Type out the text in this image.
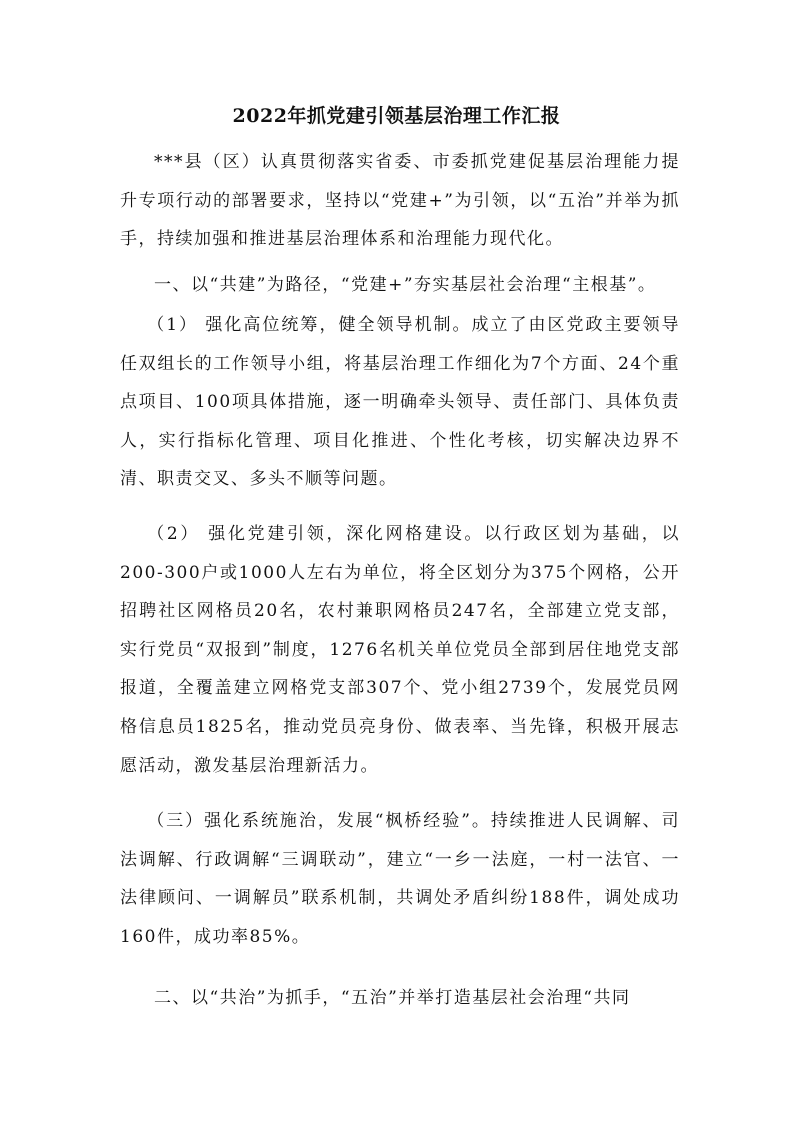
2022年抓党建引领基层治理工作汇报

***县（区）认真贯彻落实省委、市委抓党建促基层治理能力提升专项行动的部署要求，坚持以“党建+”为引领，以“五治”并举为抓手，持续加强和推进基层治理体系和治理能力现代化。

一、以“共建”为路径，“党建+”夯实基层社会治理“主根基”。

（1） 强化高位统筹，健全领导机制。成立了由区党政主要领导任双组长的工作领导小组，将基层治理工作细化为7个方面、24个重点项目、100项具体措施，逐一明确牵头领导、责任部门、具体负责人，实行指标化管理、项目化推进、个性化考核，切实解决边界不清、职责交叉、多头不顺等问题。

（2） 强化党建引领，深化网格建设。以行政区划为基础，以200-300户或1000人左右为单位，将全区划分为375个网格，公开招聘社区网格员20名，农村兼职网格员247名，全部建立党支部，实行党员“双报到”制度，1276名机关单位党员全部到居住地党支部报道，全覆盖建立网格党支部307个、党小组2739个，发展党员网格信息员1825名，推动党员亮身份、做表率、当先锋，积极开展志愿活动，激发基层治理新活力。

（三）强化系统施治，发展“枫桥经验”。持续推进人民调解、司法调解、行政调解“三调联动”，建立“一乡一法庭，一村一法官、一法律顾问、一调解员”联系机制，共调处矛盾纠纷188件，调处成功160件，成功率85%。

二、以“共治”为抓手，“五治”并举打造基层社会治理“共同
